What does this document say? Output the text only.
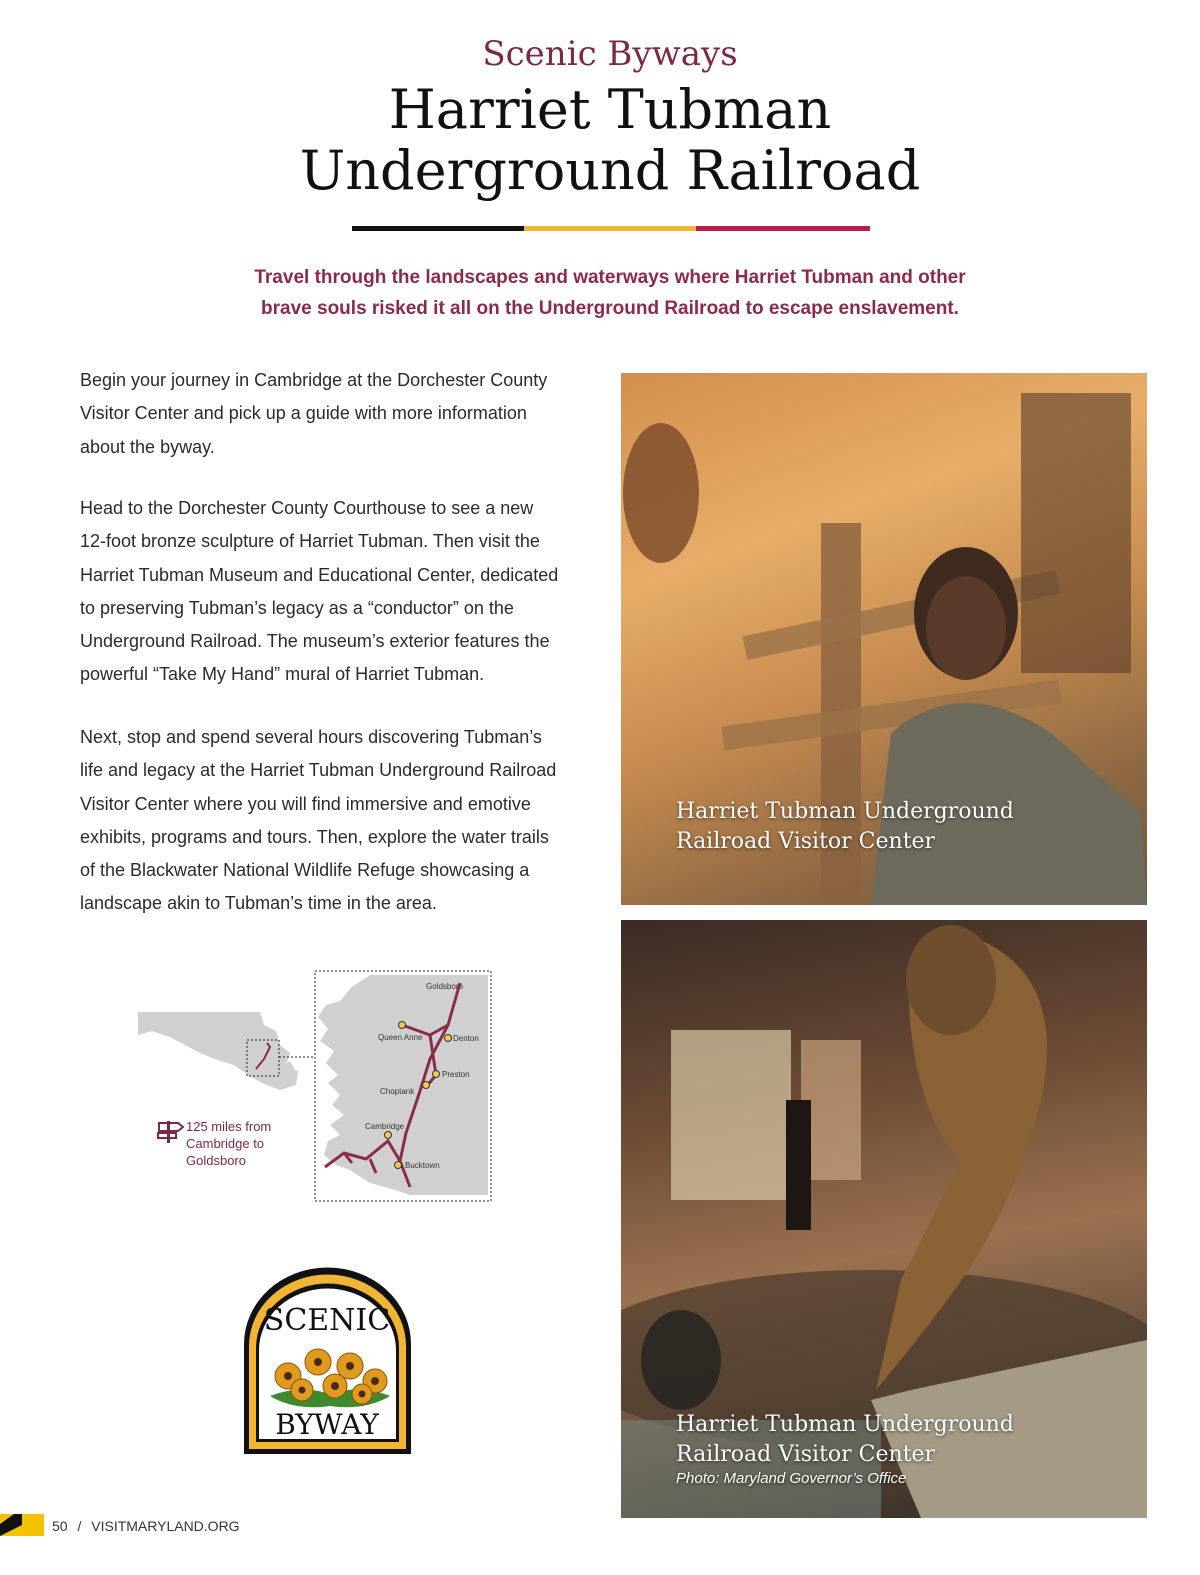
Scenic Byways
Harriet Tubman
Underground Railroad
Travel through the landscapes and waterways where Harriet Tubman and other
brave souls risked it all on the Underground Railroad to escape enslavement.
Begin your journey in Cambridge at the Dorchester County
Visitor Center and pick up a guide with more information
about the byway.
Head to the Dorchester County Courthouse to see a new
12-foot bronze sculpture of Harriet Tubman. Then visit the
Harriet Tubman Museum and Educational Center, dedicated
to preserving Tubman’s legacy as a “conductor” on the
Underground Railroad. The museum’s exterior features the
powerful “Take My Hand” mural of Harriet Tubman.
Next, stop and spend several hours discovering Tubman’s
life and legacy at the Harriet Tubman Underground Railroad
Visitor Center where you will find immersive and emotive
exhibits, programs and tours. Then, explore the water trails
of the Blackwater National Wildlife Refuge showcasing a
landscape akin to Tubman’s time in the area.
Harriet Tubman Underground
Railroad Visitor Center
Harriet Tubman Underground
Railroad Visitor Center
Photo: Maryland Governor’s Office
Goldsboro
Queen Anne	Denton
Preston
Choptank
Cambridge
Bucktown
125 miles from
Cambridge to
Goldsboro
SCENIC
BYWAY
50 / VISITMARYLAND.ORG
